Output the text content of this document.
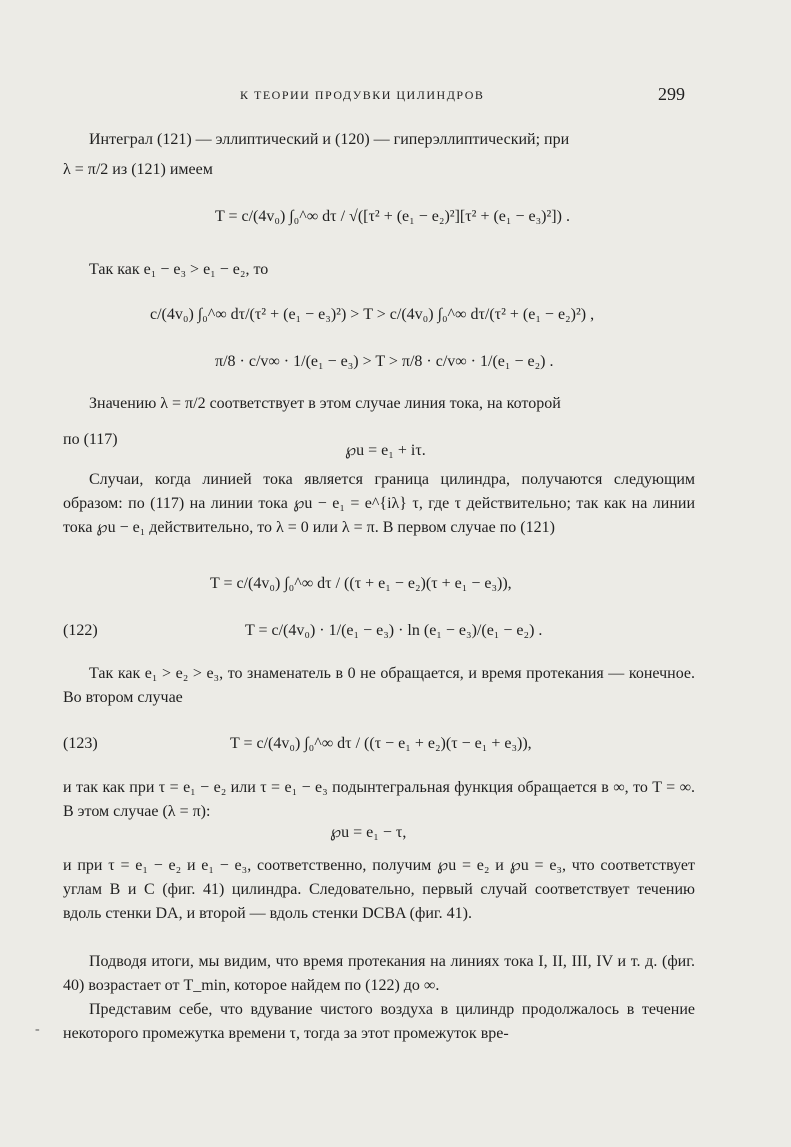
К ТЕОРИИ ПРОДУВКИ ЦИЛИНДРОВ	299
Интеграл (121) — эллиптический и (120) — гиперэллиптический; при
λ = π/2 из (121) имеем
T = c/(4v₀) ∫₀^∞ dτ / √([τ² + (e₁ − e₂)²][τ² + (e₁ − e₃)²]) .
Так как e₁ − e₃ > e₁ − e₂, то
c/(4v₀) ∫₀^∞ dτ/(τ² + (e₁ − e₃)²) > T > c/(4v₀) ∫₀^∞ dτ/(τ² + (e₁ − e₂)²) ,
π/8 · c/v∞ · 1/(e₁ − e₃) > T > π/8 · c/v∞ · 1/(e₁ − e₂) .
Значению λ = π/2 соответствует в этом случае линия тока, на которой
по (117)
℘u = e₁ + iτ.
Случаи, когда линией тока является граница цилиндра, получаются следующим образом: по (117) на линии тока ℘u − e₁ = e^{iλ} τ, где τ действительно; так как на линии тока ℘u − e₁ действительно, то λ = 0 или λ = π. В первом случае по (121)
T = c/(4v₀) ∫₀^∞ dτ / ((τ + e₁ − e₂)(τ + e₁ − e₃)),
(122)	T = c/(4v₀) · 1/(e₁ − e₃) · ln (e₁ − e₃)/(e₁ − e₂) .
Так как e₁ > e₂ > e₃, то знаменатель в 0 не обращается, и время протекания — конечное. Во втором случае
(123)	T = c/(4v₀) ∫₀^∞ dτ / ((τ − e₁ + e₂)(τ − e₁ + e₃)),
и так как при τ = e₁ − e₂ или τ = e₁ − e₃ подынтегральная функция обращается в ∞, то T = ∞. В этом случае (λ = π):
℘u = e₁ − τ,
и при τ = e₁ − e₂ и e₁ − e₃, соответственно, получим ℘u = e₂ и ℘u = e₃, что соответствует углам B и C (фиг. 41) цилиндра. Следовательно, первый случай соответствует течению вдоль стенки DA, и второй — вдоль стенки DCBA (фиг. 41).
Подводя итоги, мы видим, что время протекания на линиях тока I, II, III, IV и т. д. (фиг. 40) возрастает от T_min, которое найдем по (122) до ∞.
Представим себе, что вдувание чистого воздуха в цилиндр продолжалось в течение некоторого промежутка времени τ, тогда за этот промежуток вре-
-
